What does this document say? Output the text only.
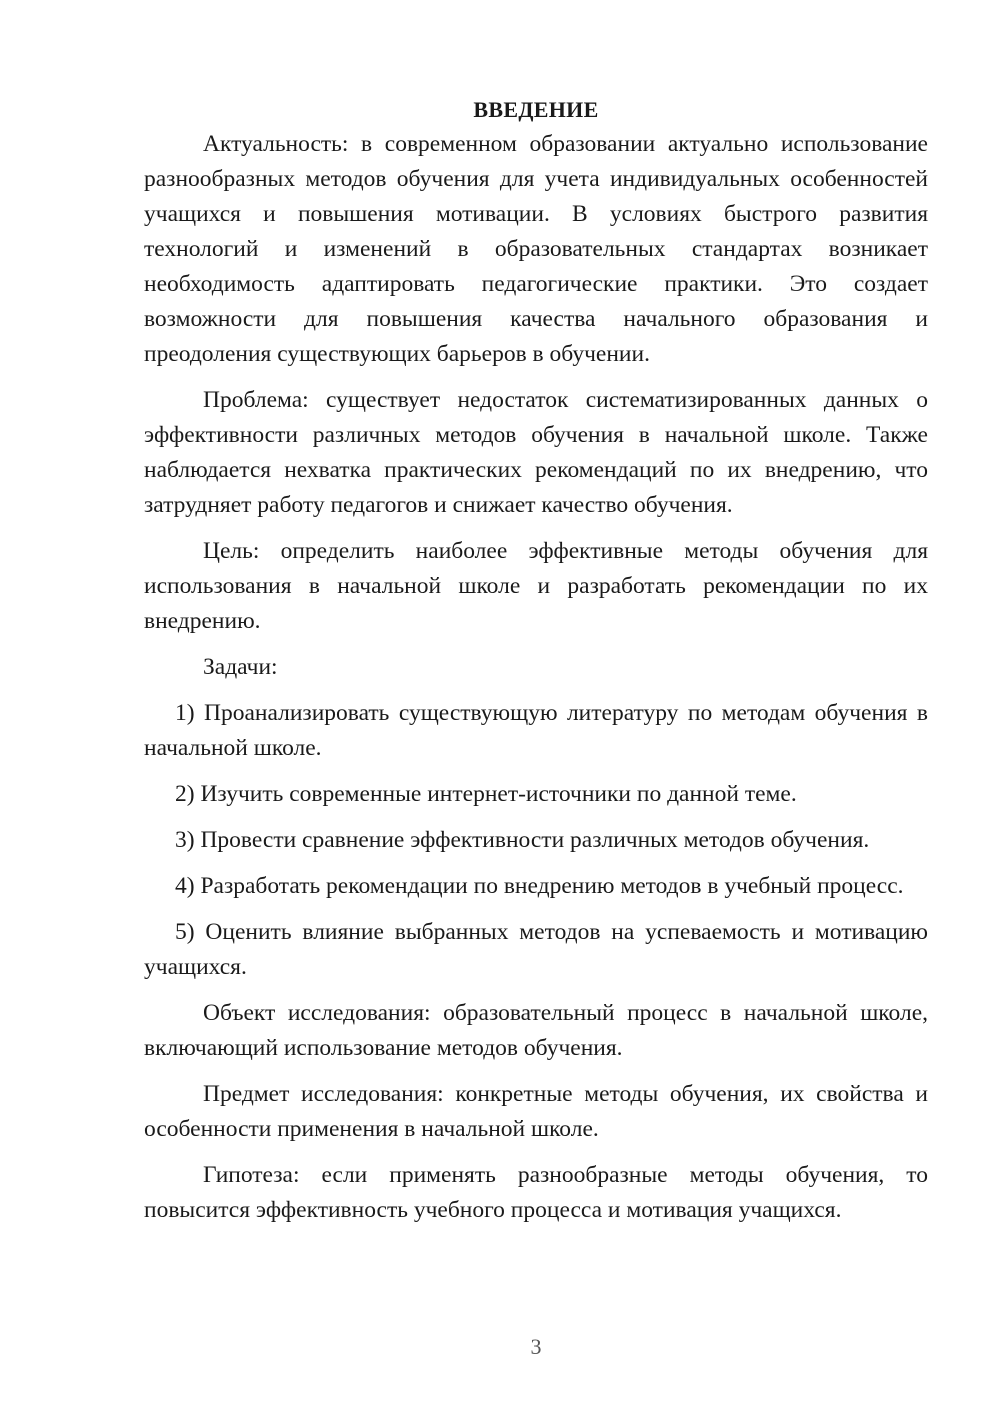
ВВЕДЕНИЕ

Актуальность: в современном образовании актуально использование разнообразных методов обучения для учета индивидуальных особенностей учащихся и повышения мотивации. В условиях быстрого развития технологий и изменений в образовательных стандартах возникает необходимость адаптировать педагогические практики. Это создает возможности для повышения качества начального образования и преодоления существующих барьеров в обучении.

Проблема: существует недостаток систематизированных данных о эффективности различных методов обучения в начальной школе. Также наблюдается нехватка практических рекомендаций по их внедрению, что затрудняет работу педагогов и снижает качество обучения.

Цель: определить наиболее эффективные методы обучения для использования в начальной школе и разработать рекомендации по их внедрению.

Задачи:

1) Проанализировать существующую литературу по методам обучения в начальной школе.

2) Изучить современные интернет-источники по данной теме.

3) Провести сравнение эффективности различных методов обучения.

4) Разработать рекомендации по внедрению методов в учебный процесс.

5) Оценить влияние выбранных методов на успеваемость и мотивацию учащихся.

Объект исследования: образовательный процесс в начальной школе, включающий использование методов обучения.

Предмет исследования: конкретные методы обучения, их свойства и особенности применения в начальной школе.

Гипотеза: если применять разнообразные методы обучения, то повысится эффективность учебного процесса и мотивация учащихся.

3
